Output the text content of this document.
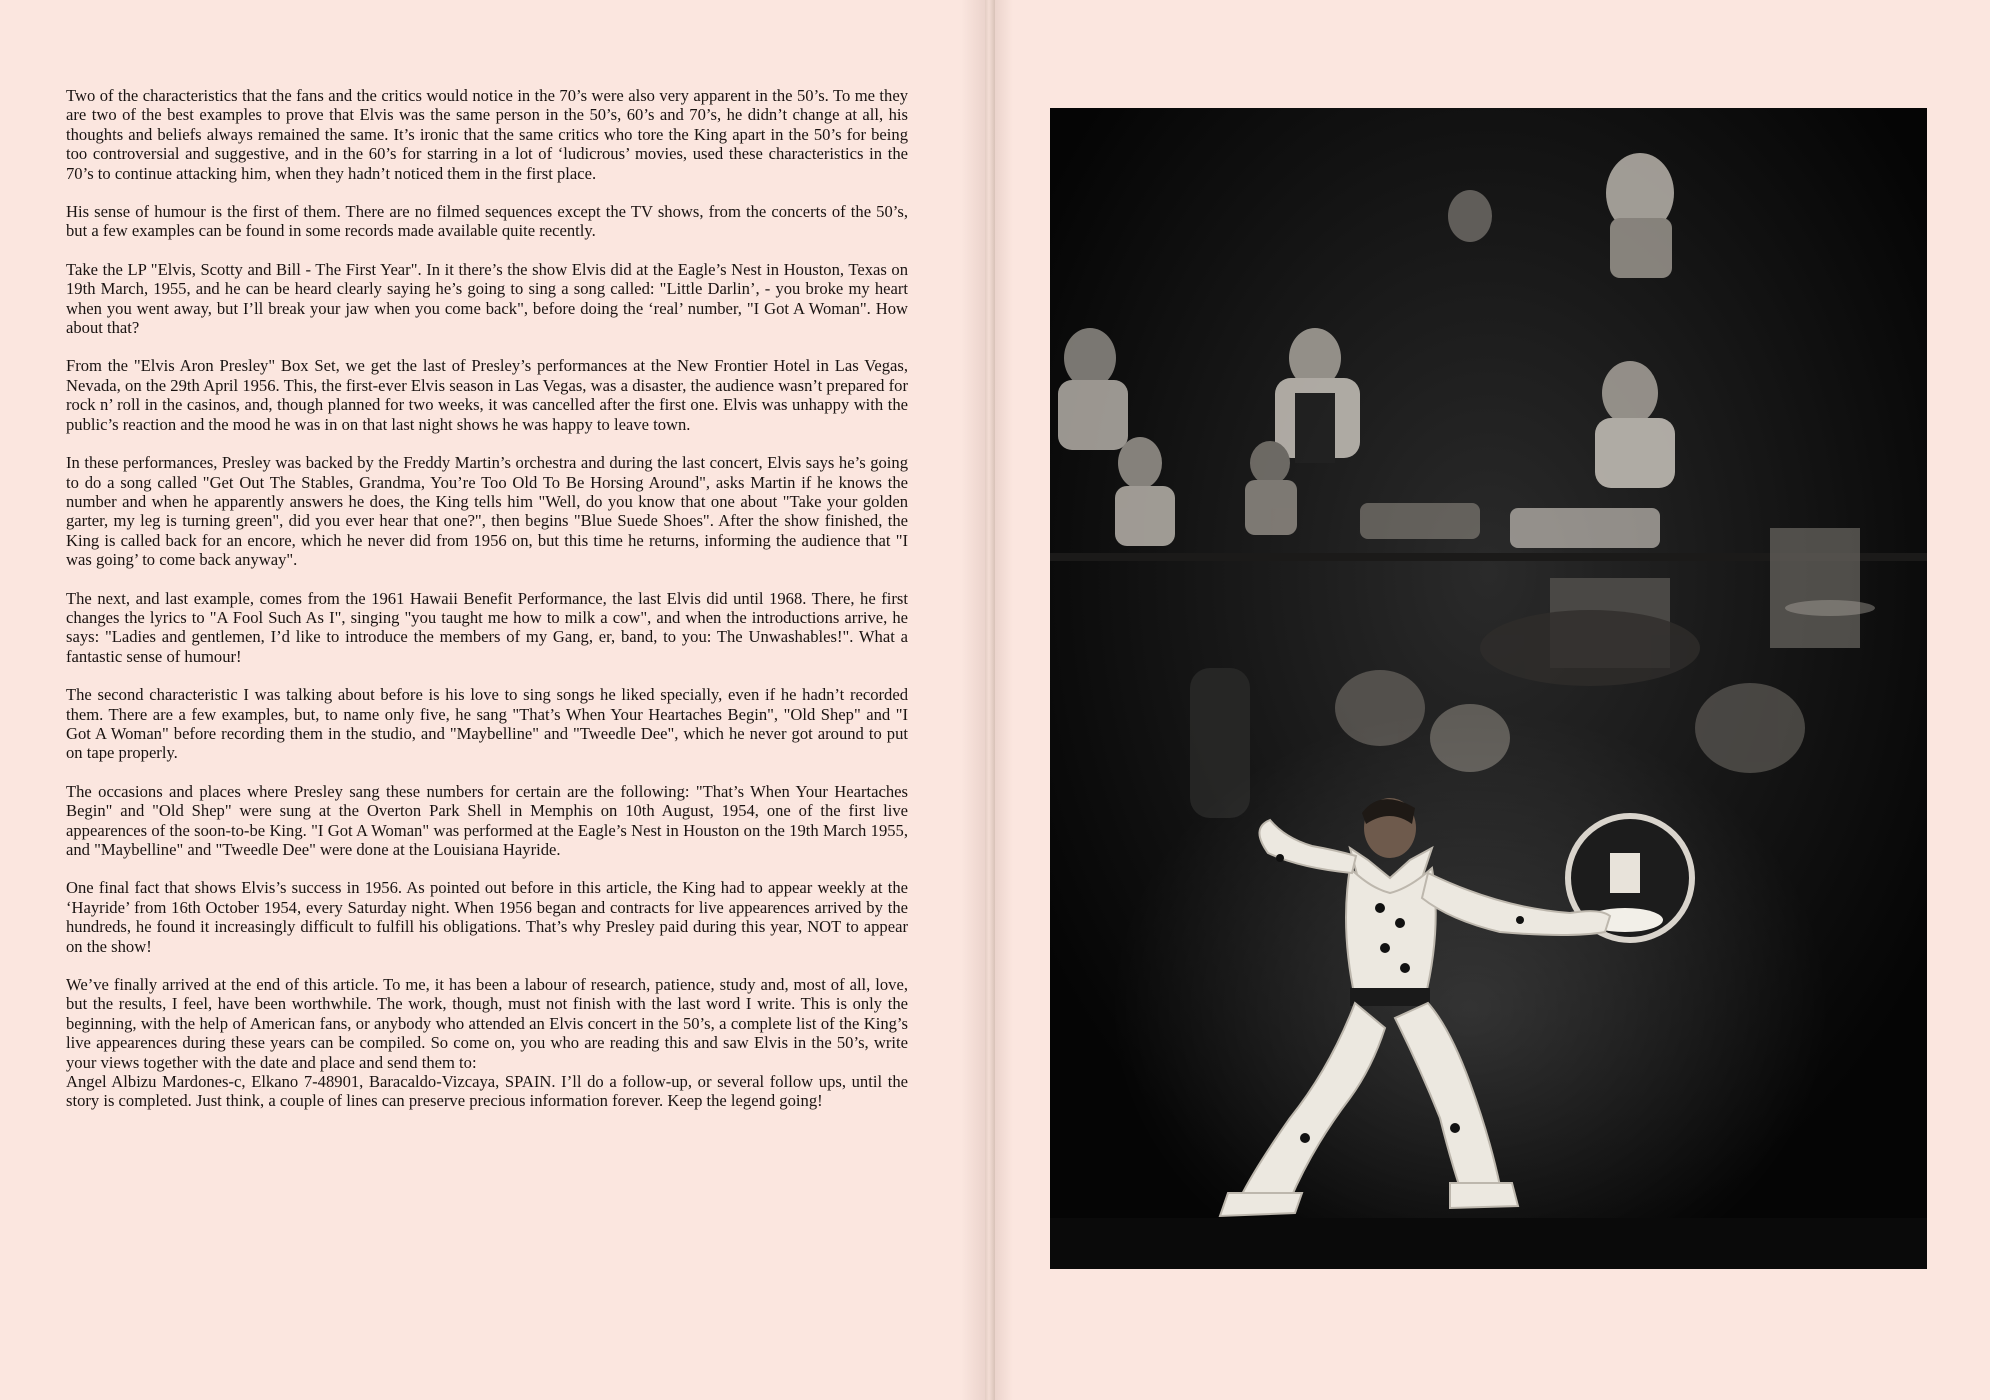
Two of the characteristics that the fans and the critics would notice in the 70’s were also very apparent in the 50’s. To me they are two of the best examples to prove that Elvis was the same person in the 50’s, 60’s and 70’s, he didn’t change at all, his thoughts and beliefs always remained the same. It’s ironic that the same critics who tore the King apart in the 50’s for being too controversial and suggestive, and in the 60’s for starring in a lot of ‘ludicrous’ movies, used these characteristics in the 70’s to continue attacking him, when they hadn’t noticed them in the first place.

His sense of humour is the first of them. There are no filmed sequences except the TV shows, from the concerts of the 50’s, but a few examples can be found in some records made available quite recently.

Take the LP "Elvis, Scotty and Bill - The First Year". In it there’s the show Elvis did at the Eagle’s Nest in Houston, Texas on 19th March, 1955, and he can be heard clearly saying he’s going to sing a song called: "Little Darlin’, - you broke my heart when you went away, but I’ll break your jaw when you come back", before doing the ‘real’ number, "I Got A Woman". How about that?

From the "Elvis Aron Presley" Box Set, we get the last of Presley’s performances at the New Frontier Hotel in Las Vegas, Nevada, on the 29th April 1956. This, the first-ever Elvis season in Las Vegas, was a disaster, the audience wasn’t prepared for rock n’ roll in the casinos, and, though planned for two weeks, it was cancelled after the first one. Elvis was unhappy with the public’s reaction and the mood he was in on that last night shows he was happy to leave town.

In these performances, Presley was backed by the Freddy Martin’s orchestra and during the last concert, Elvis says he’s going to do a song called "Get Out The Stables, Grandma, You’re Too Old To Be Horsing Around", asks Martin if he knows the number and when he apparently answers he does, the King tells him "Well, do you know that one about "Take your golden garter, my leg is turning green", did you ever hear that one?", then begins "Blue Suede Shoes". After the show finished, the King is called back for an encore, which he never did from 1956 on, but this time he returns, informing the audience that "I was going’ to come back anyway".

The next, and last example, comes from the 1961 Hawaii Benefit Performance, the last Elvis did until 1968. There, he first changes the lyrics to "A Fool Such As I", singing "you taught me how to milk a cow", and when the introductions arrive, he says: "Ladies and gentlemen, I’d like to introduce the members of my Gang, er, band, to you: The Unwashables!". What a fantastic sense of humour!

The second characteristic I was talking about before is his love to sing songs he liked specially, even if he hadn’t recorded them. There are a few examples, but, to name only five, he sang "That’s When Your Heartaches Begin", "Old Shep" and "I Got A Woman" before recording them in the studio, and "Maybelline" and "Tweedle Dee", which he never got around to put on tape properly.

The occasions and places where Presley sang these numbers for certain are the following: "That’s When Your Heartaches Begin" and "Old Shep" were sung at the Overton Park Shell in Memphis on 10th August, 1954, one of the first live appearences of the soon-to-be King. "I Got A Woman" was performed at the Eagle’s Nest in Houston on the 19th March 1955, and "Maybelline" and "Tweedle Dee" were done at the Louisiana Hayride.

One final fact that shows Elvis’s success in 1956. As pointed out before in this article, the King had to appear weekly at the ‘Hayride’ from 16th October 1954, every Saturday night. When 1956 began and contracts for live appearences arrived by the hundreds, he found it increasingly difficult to fulfill his obligations. That’s why Presley paid during this year, NOT to appear on the show!

We’ve finally arrived at the end of this article. To me, it has been a labour of research, patience, study and, most of all, love, but the results, I feel, have been worthwhile. The work, though, must not finish with the last word I write. This is only the beginning, with the help of American fans, or anybody who attended an Elvis concert in the 50’s, a complete list of the King’s live appearences during these years can be compiled. So come on, you who are reading this and saw Elvis in the 50’s, write your views together with the date and place and send them to:
Angel Albizu Mardones-c, Elkano 7-48901, Baracaldo-Vizcaya, SPAIN. I’ll do a follow-up, or several follow ups, until the story is completed. Just think, a couple of lines can preserve precious information forever. Keep the legend going!
